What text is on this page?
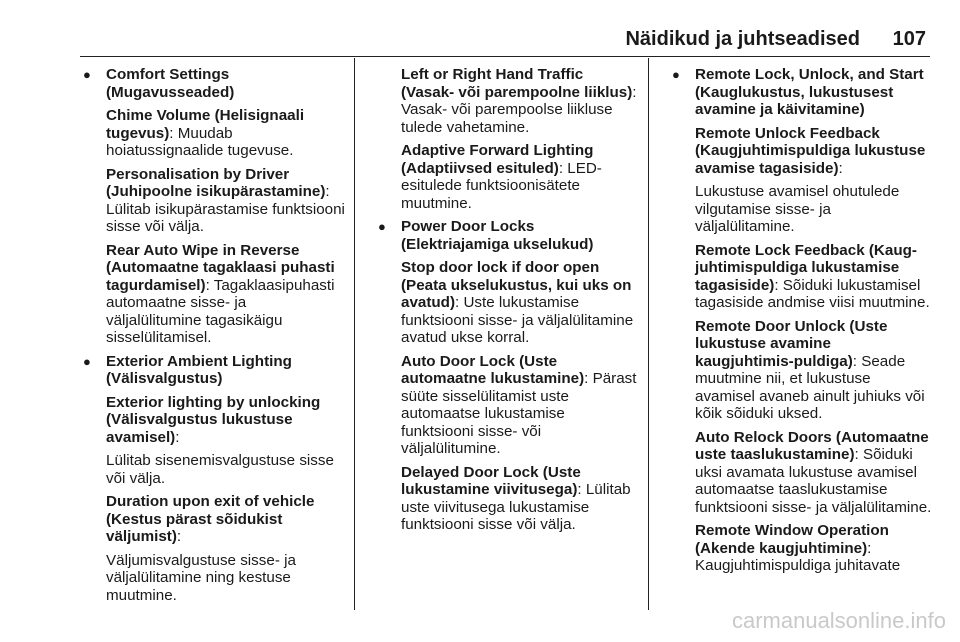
Näidikud ja juhtseadised 107
● Comfort Settings (Mugavusseaded)

Chime Volume (Helisignaali tugevus): Muudab hoiatussignaalide tugevuse.

Personalisation by Driver (Juhipoolne isikupärastamine): Lülitab isikupärastamise funktsiooni sisse või välja.

Rear Auto Wipe in Reverse (Automaatne tagaklaasi puhasti tagurdamisel): Tagaklaasipuhasti automaatne sisse- ja väljalülitumine tagasikäigu sisselülitamisel.

● Exterior Ambient Lighting (Välisvalgustus)

Exterior lighting by unlocking (Välisvalgustus lukustuse avamisel):

Lülitab sisenemisvalgustuse sisse või välja.

Duration upon exit of vehicle (Kestus pärast sõidukist väljumist):

Väljumisvalgustuse sisse- ja väljalülitamine ning kestuse muutmine.

Left or Right Hand Traffic (Vasak- või parempoolne liiklus): Vasak- või parempoolse liikluse tulede vahetamine.

Adaptive Forward Lighting (Adaptiivsed esituled): LED-esitulede funktsioonisätete muutmine.

● Power Door Locks (Elektriajamiga ukselukud)

Stop door lock if door open (Peata ukselukustus, kui uks on avatud): Uste lukustamise funktsiooni sisse- ja väljalülitamine avatud ukse korral.

Auto Door Lock (Uste automaatne lukustamine): Pärast süüte sisselülitamist uste automaatse lukustamise funktsiooni sisse- või väljalülitumine.

Delayed Door Lock (Uste lukustamine viivitusega): Lülitab uste viivitusega lukustamise funktsiooni sisse või välja.

● Remote Lock, Unlock, and Start (Kauglukustus, lukustusest avamine ja käivitamine)

Remote Unlock Feedback (Kaugjuhtimispuldiga lukustuse avamise tagasiside):

Lukustuse avamisel ohutulede vilgutamise sisse- ja väljalülitamine.

Remote Lock Feedback (Kaug-juhtimispuldiga lukustamise tagasiside): Sõiduki lukustamisel tagasiside andmise viisi muutmine.

Remote Door Unlock (Uste lukustuse avamine kaugjuhtimis-puldiga): Seade muutmine nii, et lukustuse avamisel avaneb ainult juhiuks või kõik sõiduki uksed.

Auto Relock Doors (Automaatne uste taaslukustamine): Sõiduki uksi avamata lukustuse avamisel automaatse taaslukustamise funktsiooni sisse- ja väljalülitamine.

Remote Window Operation (Akende kaugjuhtimine):
Kaugjuhtimispuldiga juhitavate

carmanualsonline.info
